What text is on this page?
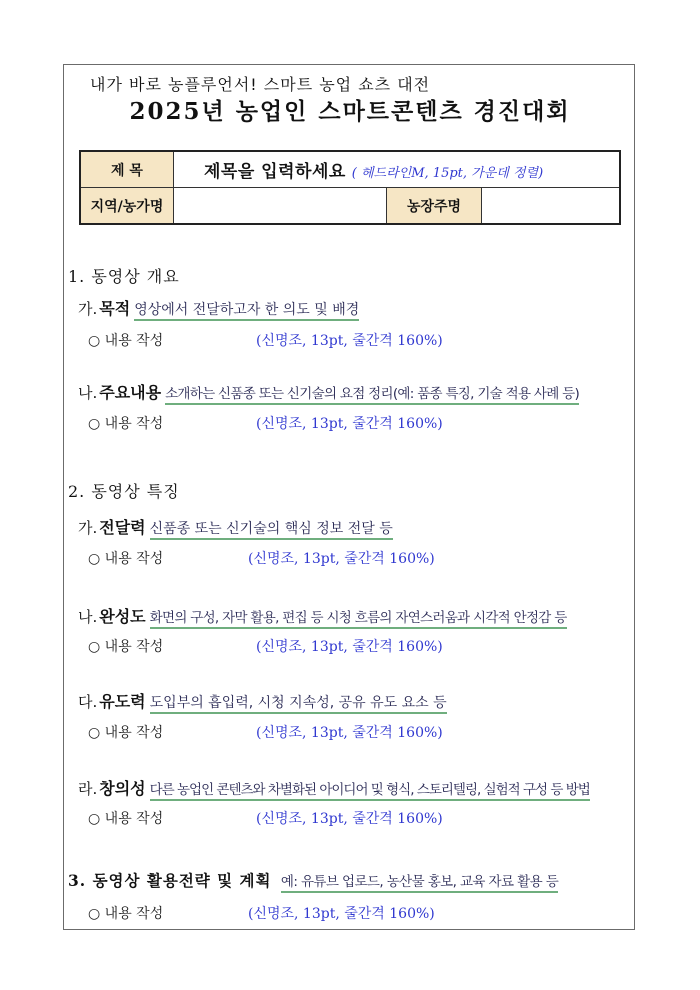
내가 바로 농플루언서! 스마트 농업 쇼츠 대전
2025년 농업인 스마트콘텐츠 경진대회
제 목	제목을 입력하세요 ( 헤드라인M, 15pt, 가운데 정렬)		
지역/농가명		농장주명	
1. 동영상 개요
가. 목적 영상에서 전달하고자 한 의도 및 배경
○ 내용 작성	(신명조, 13pt, 줄간격 160%)
나. 주요내용 소개하는 신품종 또는 신기술의 요점 정리(예: 품종 특징, 기술 적용 사례 등)
○ 내용 작성	(신명조, 13pt, 줄간격 160%)
2. 동영상 특징
가. 전달력 신품종 또는 신기술의 핵심 정보 전달 등
○ 내용 작성	(신명조, 13pt, 줄간격 160%)
나. 완성도 화면의 구성, 자막 활용, 편집 등 시청 흐름의 자연스러움과 시각적 안정감 등
○ 내용 작성	(신명조, 13pt, 줄간격 160%)
다. 유도력 도입부의 흡입력, 시청 지속성, 공유 유도 요소 등
○ 내용 작성	(신명조, 13pt, 줄간격 160%)
라. 창의성 다른 농업인 콘텐츠와 차별화된 아이디어 및 형식, 스토리텔링, 실험적 구성 등 방법
○ 내용 작성	(신명조, 13pt, 줄간격 160%)
3. 동영상 활용전략 및 계획 예: 유튜브 업로드, 농산물 홍보, 교육 자료 활용 등
○ 내용 작성	(신명조, 13pt, 줄간격 160%)
